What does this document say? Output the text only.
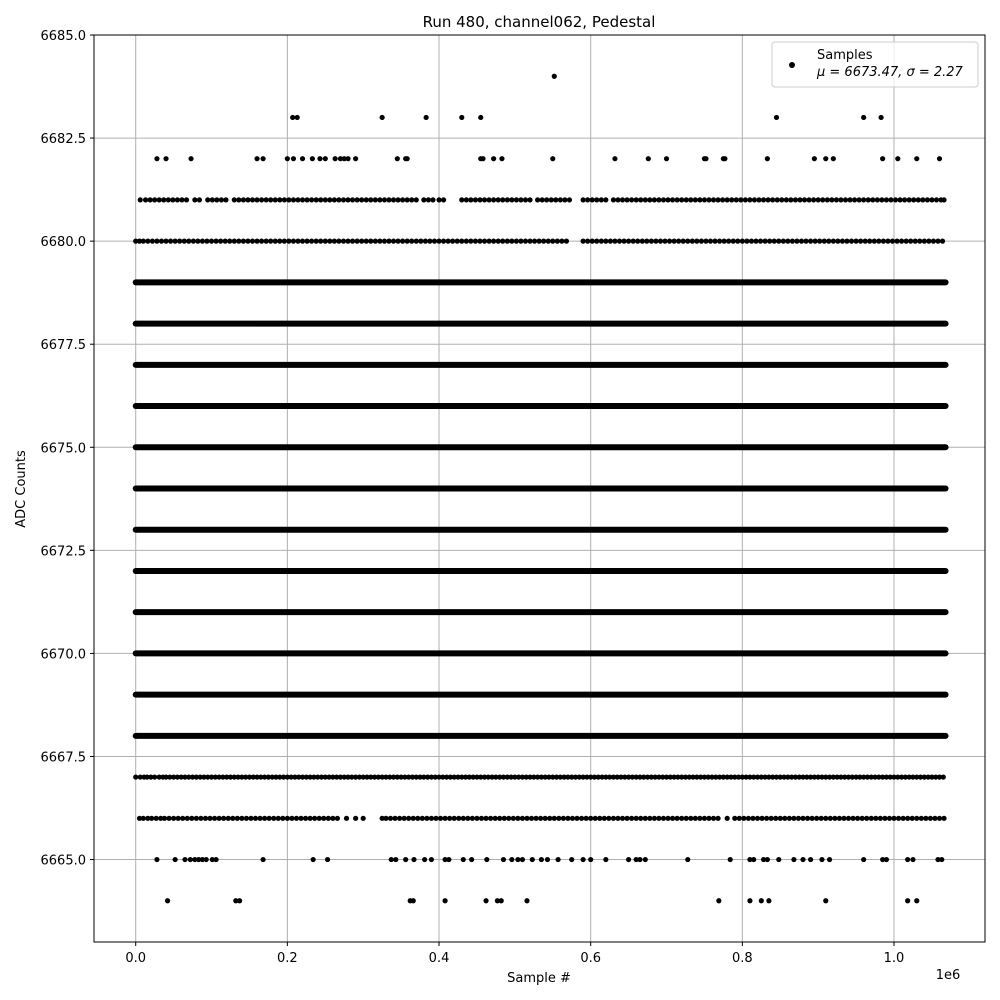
Run 480, channel062, Pedestal
0.0	0.2	0.4	0.6	0.8	1.0
6665.0
6667.5
6670.0
6672.5
6675.0
6677.5
6680.0
6682.5
6685.0
1e6
Sample #
ADC Counts
Samples
μ = 6673.47, σ = 2.27
